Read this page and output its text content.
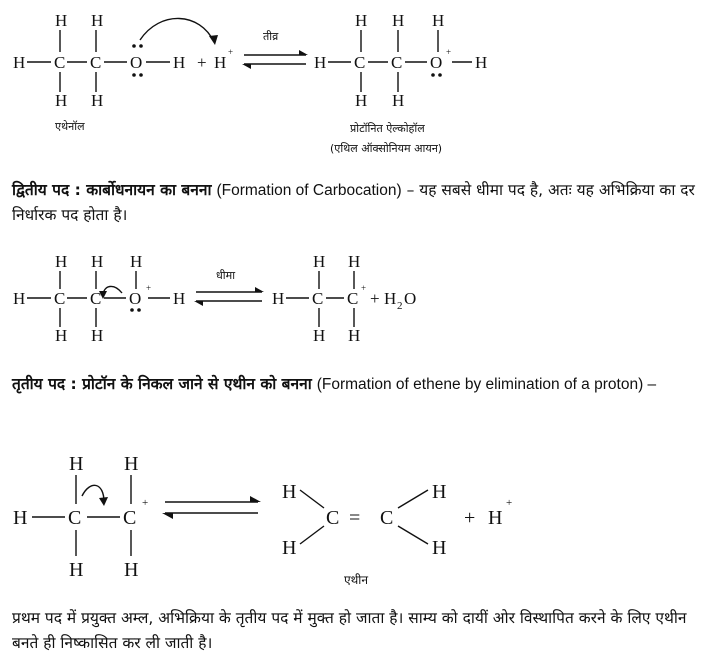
H H
H C C O H
H H
+ H
+
तीव्र
H H H
H C C O
+
H
H H
एथेनॉल	प्रोटॉनित ऐल्कोहॉल
(एथिल ऑक्सोनियम आयन)
द्वितीय पद : कार्बोधनायन का बनना (Formation of Carbocation) – यह सबसे धीमा पद है, अतः यह अभिक्रिया का दर निर्धारक पद होता है।
H H H
H C C O
+
H
H H
धीमा
H H
H C C
+
+ H 2 O
H H
तृतीय पद : प्रोटॉन के निकल जाने से एथीन को बनना (Formation of ethene by elimination of a proton) –
H H
H C C
+
H H
H
H
C = C
H
H
+ H
+
एथीन
प्रथम पद में प्रयुक्त अम्ल, अभिक्रिया के तृतीय पद में मुक्त हो जाता है। साम्य को दायीं ओर विस्थापित करने के लिए एथीन बनते ही निष्कासित कर ली जाती है।
